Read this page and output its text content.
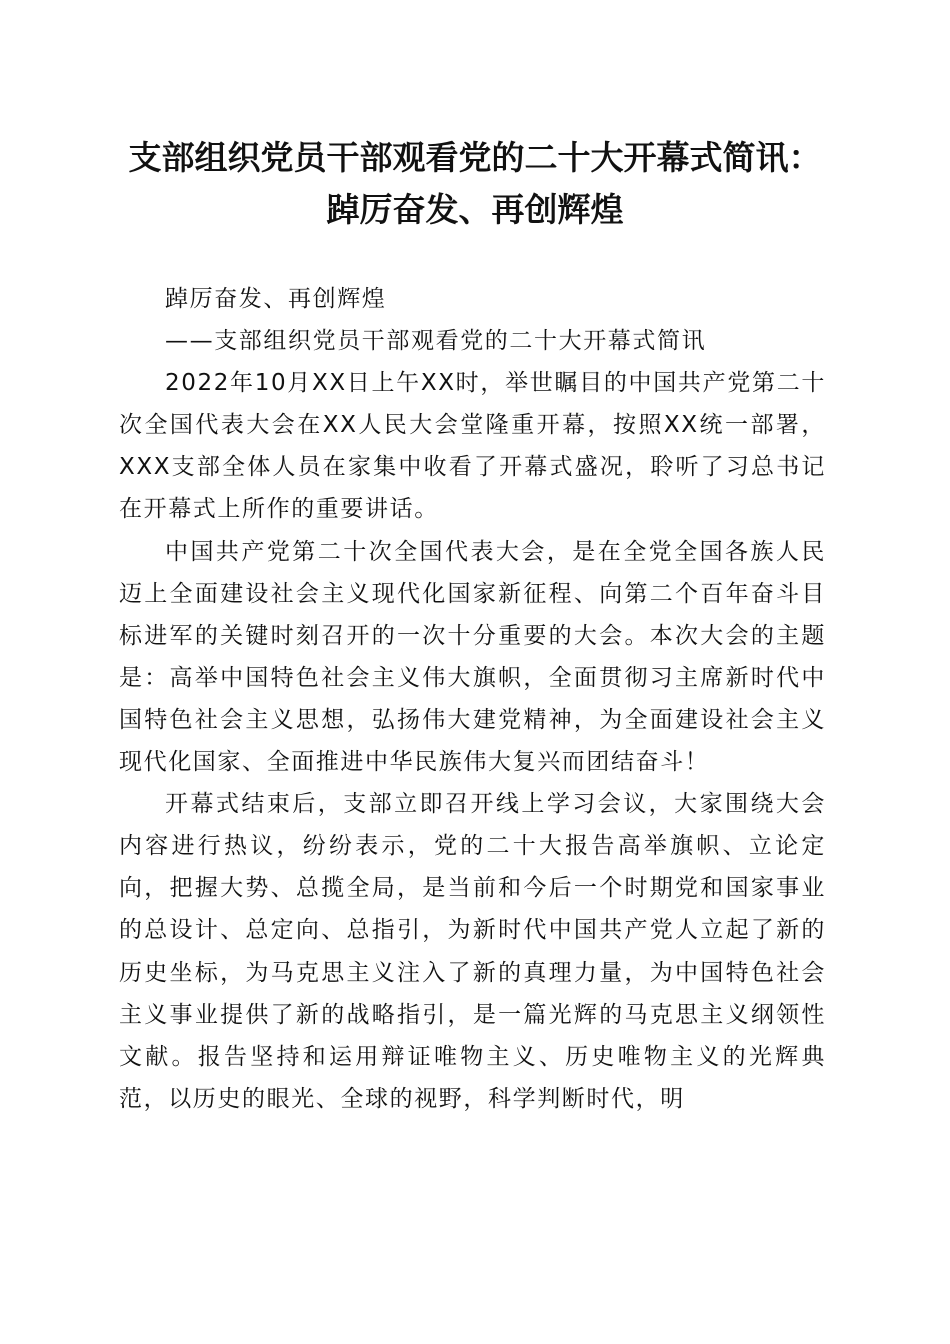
支部组织党员干部观看党的二十大开幕式简讯：
踔厉奋发、再创辉煌

踔厉奋发、再创辉煌

——支部组织党员干部观看党的二十大开幕式简讯

2022年10月XX日上午XX时，举世瞩目的中国共产党第二十次全国代表大会在XX人民大会堂隆重开幕，按照XX统一部署，XXX支部全体人员在家集中收看了开幕式盛况，聆听了习总书记在开幕式上所作的重要讲话。

中国共产党第二十次全国代表大会，是在全党全国各族人民迈上全面建设社会主义现代化国家新征程、向第二个百年奋斗目标进军的关键时刻召开的一次十分重要的大会。本次大会的主题是：高举中国特色社会主义伟大旗帜，全面贯彻习主席新时代中国特色社会主义思想，弘扬伟大建党精神，为全面建设社会主义现代化国家、全面推进中华民族伟大复兴而团结奋斗！

开幕式结束后，支部立即召开线上学习会议，大家围绕大会内容进行热议，纷纷表示，党的二十大报告高举旗帜、立论定向，把握大势、总揽全局，是当前和今后一个时期党和国家事业的总设计、总定向、总指引，为新时代中国共产党人立起了新的历史坐标，为马克思主义注入了新的真理力量，为中国特色社会主义事业提供了新的战略指引，是一篇光辉的马克思主义纲领性文献。报告坚持和运用辩证唯物主义、历史唯物主义的光辉典范，以历史的眼光、全球的视野，科学判断时代，明
